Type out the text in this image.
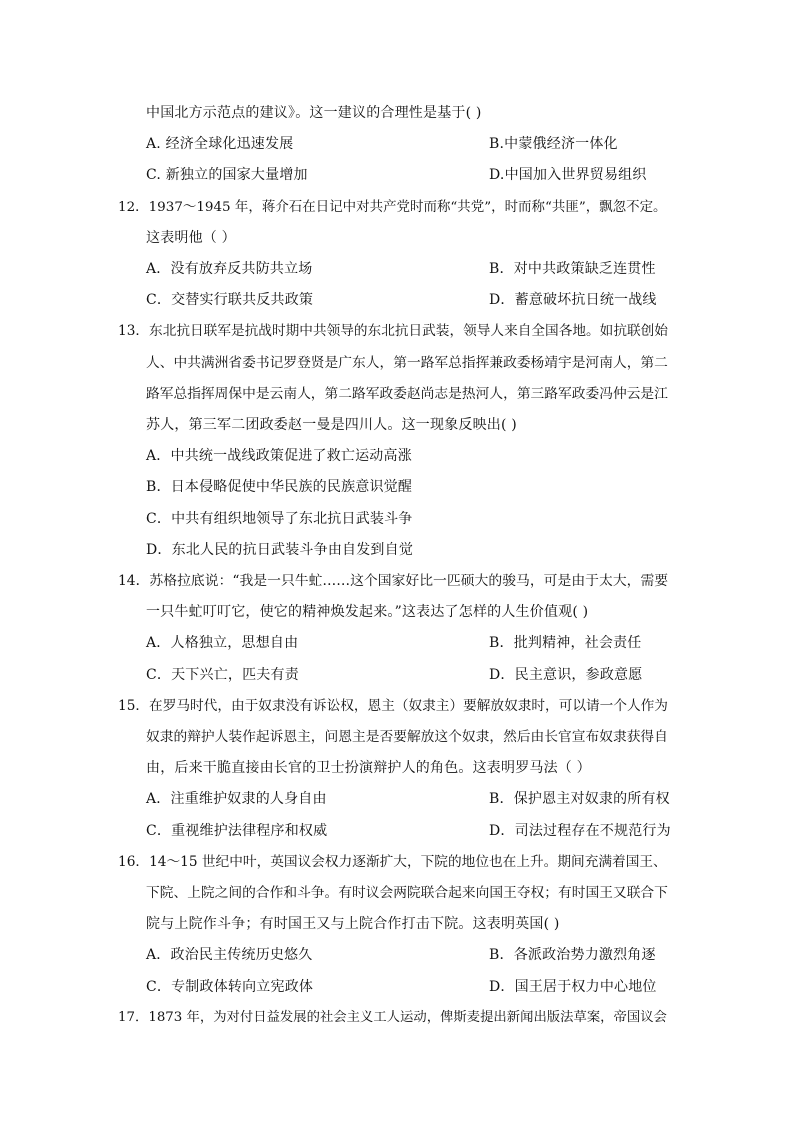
中国北方示范点的建议》。这一建议的合理性是基于( )
A. 经济全球化迅速发展	B.中蒙俄经济一体化
C. 新独立的国家大量增加	D.中国加入世界贸易组织
12．1937～1945 年，蒋介石在日记中对共产党时而称“共党”，时而称“共匪”，飘忽不定。
这表明他（ ）
A．没有放弃反共防共立场	B．对中共政策缺乏连贯性
C．交替实行联共反共政策	D．蓄意破坏抗日统一战线
13．东北抗日联军是抗战时期中共领导的东北抗日武装，领导人来自全国各地。如抗联创始
人、中共满洲省委书记罗登贤是广东人，第一路军总指挥兼政委杨靖宇是河南人，第二
路军总指挥周保中是云南人，第二路军政委赵尚志是热河人，第三路军政委冯仲云是江
苏人，第三军二团政委赵一曼是四川人。这一现象反映出( )
A．中共统一战线政策促进了救亡运动高涨
B．日本侵略促使中华民族的民族意识觉醒
C．中共有组织地领导了东北抗日武装斗争
D．东北人民的抗日武装斗争由自发到自觉
14．苏格拉底说：“我是一只牛虻……这个国家好比一匹硕大的骏马，可是由于太大，需要
一只牛虻叮叮它，使它的精神焕发起来。”这表达了怎样的人生价值观( )
A．人格独立，思想自由	B．批判精神，社会责任
C．天下兴亡，匹夫有责	D．民主意识，参政意愿
15．在罗马时代，由于奴隶没有诉讼权，恩主（奴隶主）要解放奴隶时，可以请一个人作为
奴隶的辩护人装作起诉恩主，问恩主是否要解放这个奴隶，然后由长官宣布奴隶获得自
由，后来干脆直接由长官的卫士扮演辩护人的角色。这表明罗马法（ ）
A．注重维护奴隶的人身自由	B．保护恩主对奴隶的所有权
C．重视维护法律程序和权威	D．司法过程存在不规范行为
16．14～15 世纪中叶，英国议会权力逐渐扩大，下院的地位也在上升。期间充满着国王、
下院、上院之间的合作和斗争。有时议会两院联合起来向国王夺权；有时国王又联合下
院与上院作斗争；有时国王又与上院合作打击下院。这表明英国( )
A．政治民主传统历史悠久	B．各派政治势力激烈角逐
C．专制政体转向立宪政体	D．国王居于权力中心地位
17．1873 年，为对付日益发展的社会主义工人运动，俾斯麦提出新闻出版法草案，帝国议会
